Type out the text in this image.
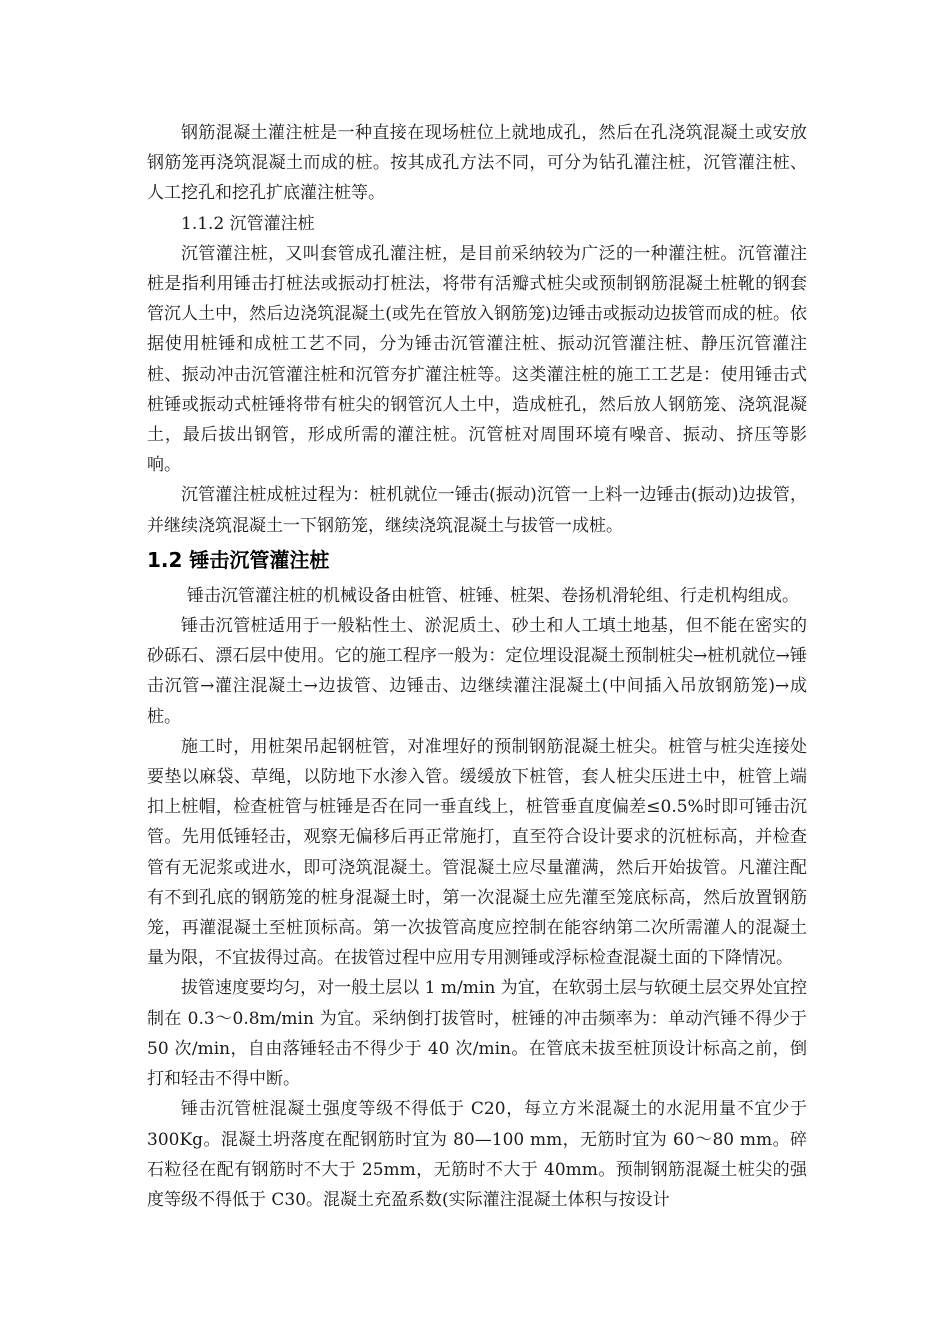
钢筋混凝土灌注桩是一种直接在现场桩位上就地成孔，然后在孔浇筑混凝土或安放钢筋笼再浇筑混凝土而成的桩。按其成孔方法不同，可分为钻孔灌注桩，沉管灌注桩、人工挖孔和挖孔扩底灌注桩等。

1.1.2 沉管灌注桩

沉管灌注桩，又叫套管成孔灌注桩，是目前采纳较为广泛的一种灌注桩。沉管灌注桩是指利用锤击打桩法或振动打桩法，将带有活瓣式桩尖或预制钢筋混凝土桩靴的钢套管沉人土中，然后边浇筑混凝土(或先在管放入钢筋笼)边锤击或振动边拔管而成的桩。依据使用桩锤和成桩工艺不同，分为锤击沉管灌注桩、振动沉管灌注桩、静压沉管灌注桩、振动冲击沉管灌注桩和沉管夯扩灌注桩等。这类灌注桩的施工工艺是：使用锤击式桩锤或振动式桩锤将带有桩尖的钢管沉人土中，造成桩孔，然后放人钢筋笼、浇筑混凝土，最后拔出钢管，形成所需的灌注桩。沉管桩对周围环境有噪音、振动、挤压等影响。

沉管灌注桩成桩过程为：桩机就位一锤击(振动)沉管一上料一边锤击(振动)边拔管，并继续浇筑混凝土一下钢筋笼，继续浇筑混凝土与拔管一成桩。

1.2 锤击沉管灌注桩

锤击沉管灌注桩的机械设备由桩管、桩锤、桩架、卷扬机滑轮组、行走机构组成。

锤击沉管桩适用于一般粘性土、淤泥质土、砂土和人工填土地基，但不能在密实的砂砾石、漂石层中使用。它的施工程序一般为：定位埋设混凝土预制桩尖→桩机就位→锤击沉管→灌注混凝土→边拔管、边锤击、边继续灌注混凝土(中间插入吊放钢筋笼)→成桩。

施工时，用桩架吊起钢桩管，对准埋好的预制钢筋混凝土桩尖。桩管与桩尖连接处要垫以麻袋、草绳，以防地下水渗入管。缓缓放下桩管，套人桩尖压进土中，桩管上端扣上桩帽，检查桩管与桩锤是否在同一垂直线上，桩管垂直度偏差≤0.5%时即可锤击沉管。先用低锤轻击，观察无偏移后再正常施打，直至符合设计要求的沉桩标高，并检查管有无泥浆或进水，即可浇筑混凝土。管混凝土应尽量灌满，然后开始拔管。凡灌注配有不到孔底的钢筋笼的桩身混凝土时，第一次混凝土应先灌至笼底标高，然后放置钢筋笼，再灌混凝土至桩顶标高。第一次拔管高度应控制在能容纳第二次所需灌人的混凝土量为限，不宜拔得过高。在拔管过程中应用专用测锤或浮标检查混凝土面的下降情况。

拔管速度要均匀，对一般土层以 1 m/min 为宜，在软弱土层与软硬土层交界处宜控制在 0.3～0.8m/min 为宜。采纳倒打拔管时，桩锤的冲击频率为：单动汽锤不得少于 50 次/min，自由落锤轻击不得少于 40 次/min。在管底未拔至桩顶设计标高之前，倒打和轻击不得中断。

锤击沉管桩混凝土强度等级不得低于 C20，每立方米混凝土的水泥用量不宜少于 300Kg。混凝土坍落度在配钢筋时宜为 80—100 mm，无筋时宜为 60～80 mm。碎石粒径在配有钢筋时不大于 25mm，无筋时不大于 40mm。预制钢筋混凝土桩尖的强度等级不得低于 C30。混凝土充盈系数(实际灌注混凝土体积与按设计
